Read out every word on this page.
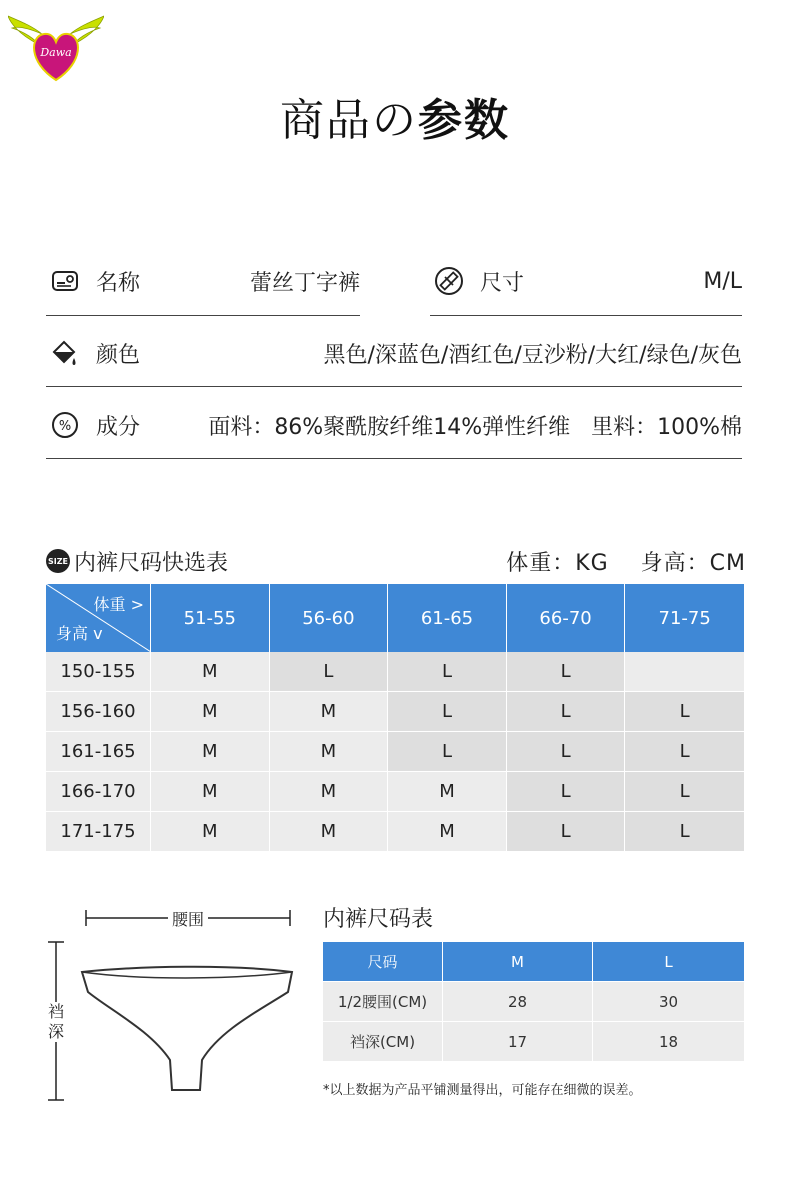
Dawa
商品の参数
名称	蕾丝丁字裤	尺寸	M/L
颜色	黑色/深蓝色/酒红色/豆沙粉/大红/绿色/灰色
% 成分	面料：86%聚酰胺纤维14%弹性纤维   里料：100%棉
SIZE 内裤尺码快选表	体重：KG    身高：CM
体重 >
身高 v
51-55	56-60	61-65	66-70	71-75
150-155	M	L	L	L
156-160	M	M	L	L	L
161-165	M	M	L	L	L
166-170	M	M	M	L	L
171-175	M	M	M	L	L
腰围
裆深
内裤尺码表
尺码	M	L
1/2腰围(CM)	28	30
裆深(CM)	17	18
*以上数据为产品平铺测量得出，可能存在细微的误差。
